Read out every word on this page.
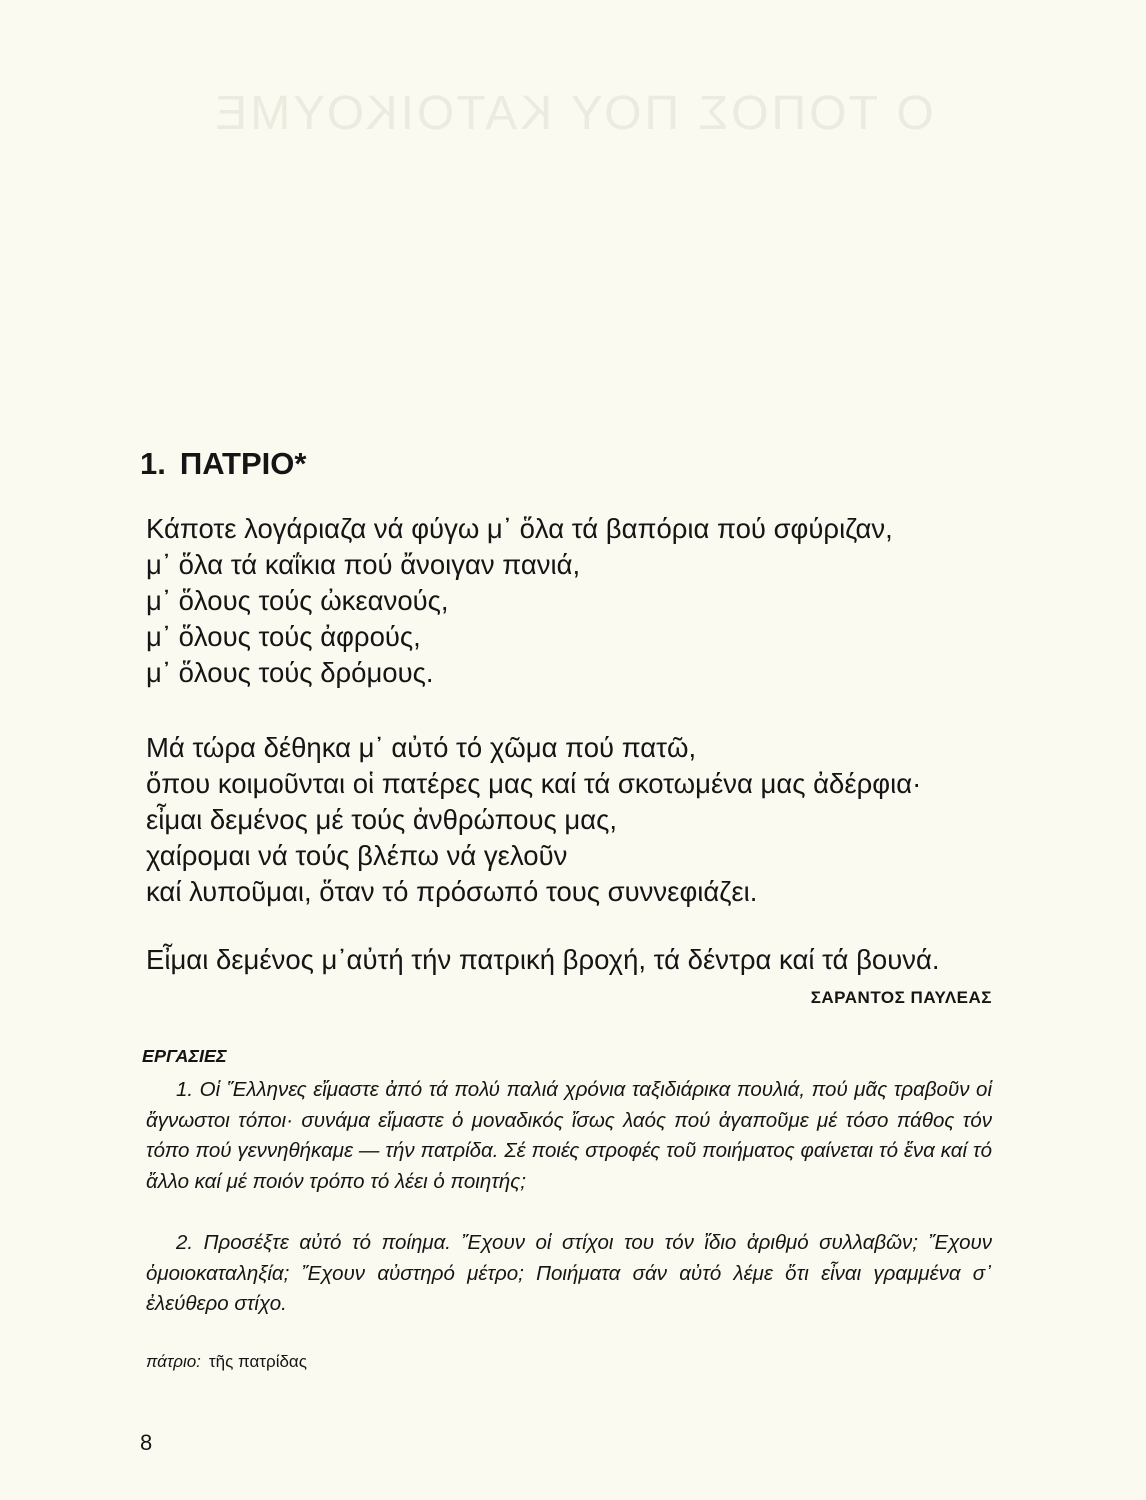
Ο ΤΟΠΟΣ ΠΟΥ ΚΑΤΟΙΚΟΥΜΕ
1. ΠΑΤΡΙΟ*

Κάποτε λογάριαζα νά φύγω μ᾽ ὅλα τά βαπόρια πού σφύριζαν,
μ᾽ ὅλα τά καΐκια πού ἄνοιγαν πανιά,
μ᾽ ὅλους τούς ὠκεανούς,
μ᾽ ὅλους τούς ἀφρούς,
μ᾽ ὅλους τούς δρόμους.

Μά τώρα δέθηκα μ᾽ αὐτό τό χῶμα πού πατῶ,
ὅπου κοιμοῦνται οἱ πατέρες μας καί τά σκοτωμένα μας ἀδέρφια·
εἶμαι δεμένος μέ τούς ἀνθρώπους μας,
χαίρομαι νά τούς βλέπω νά γελοῦν
καί λυποῦμαι, ὅταν τό πρόσωπό τους συννεφιάζει.

Εἶμαι δεμένος μ᾽αὐτή τήν πατρική βροχή, τά δέντρα καί τά βουνά.

ΣΑΡΑΝΤΟΣ ΠΑΥΛΕΑΣ
ΕΡΓΑΣΙΕΣ

1. Οἱ Ἕλληνες εἴμαστε ἀπό τά πολύ παλιά χρόνια ταξιδιάρικα πουλιά, πού μᾶς τραβοῦν οἱ ἄγνωστοι τόποι· συνάμα εἴμαστε ὁ μοναδικός ἴσως λαός πού ἀγαποῦμε μέ τόσο πάθος τόν τόπο πού γεννηθήκαμε — τήν πατρίδα. Σέ ποιές στροφές τοῦ ποιήματος φαίνεται τό ἕνα καί τό ἄλλο καί μέ ποιόν τρόπο τό λέει ὁ ποιητής;

2. Προσέξτε αὐτό τό ποίημα. Ἔχουν οἱ στίχοι του τόν ἴδιο ἀριθμό συλλαβῶν; Ἔχουν ὁμοιοκαταληξία; Ἔχουν αὐστηρό μέτρο; Ποιήματα σάν αὐτό λέμε ὅτι εἶναι γραμμένα σ᾽ ἐλεύθερο στίχο.

πάτριο: τῆς πατρίδας
8
